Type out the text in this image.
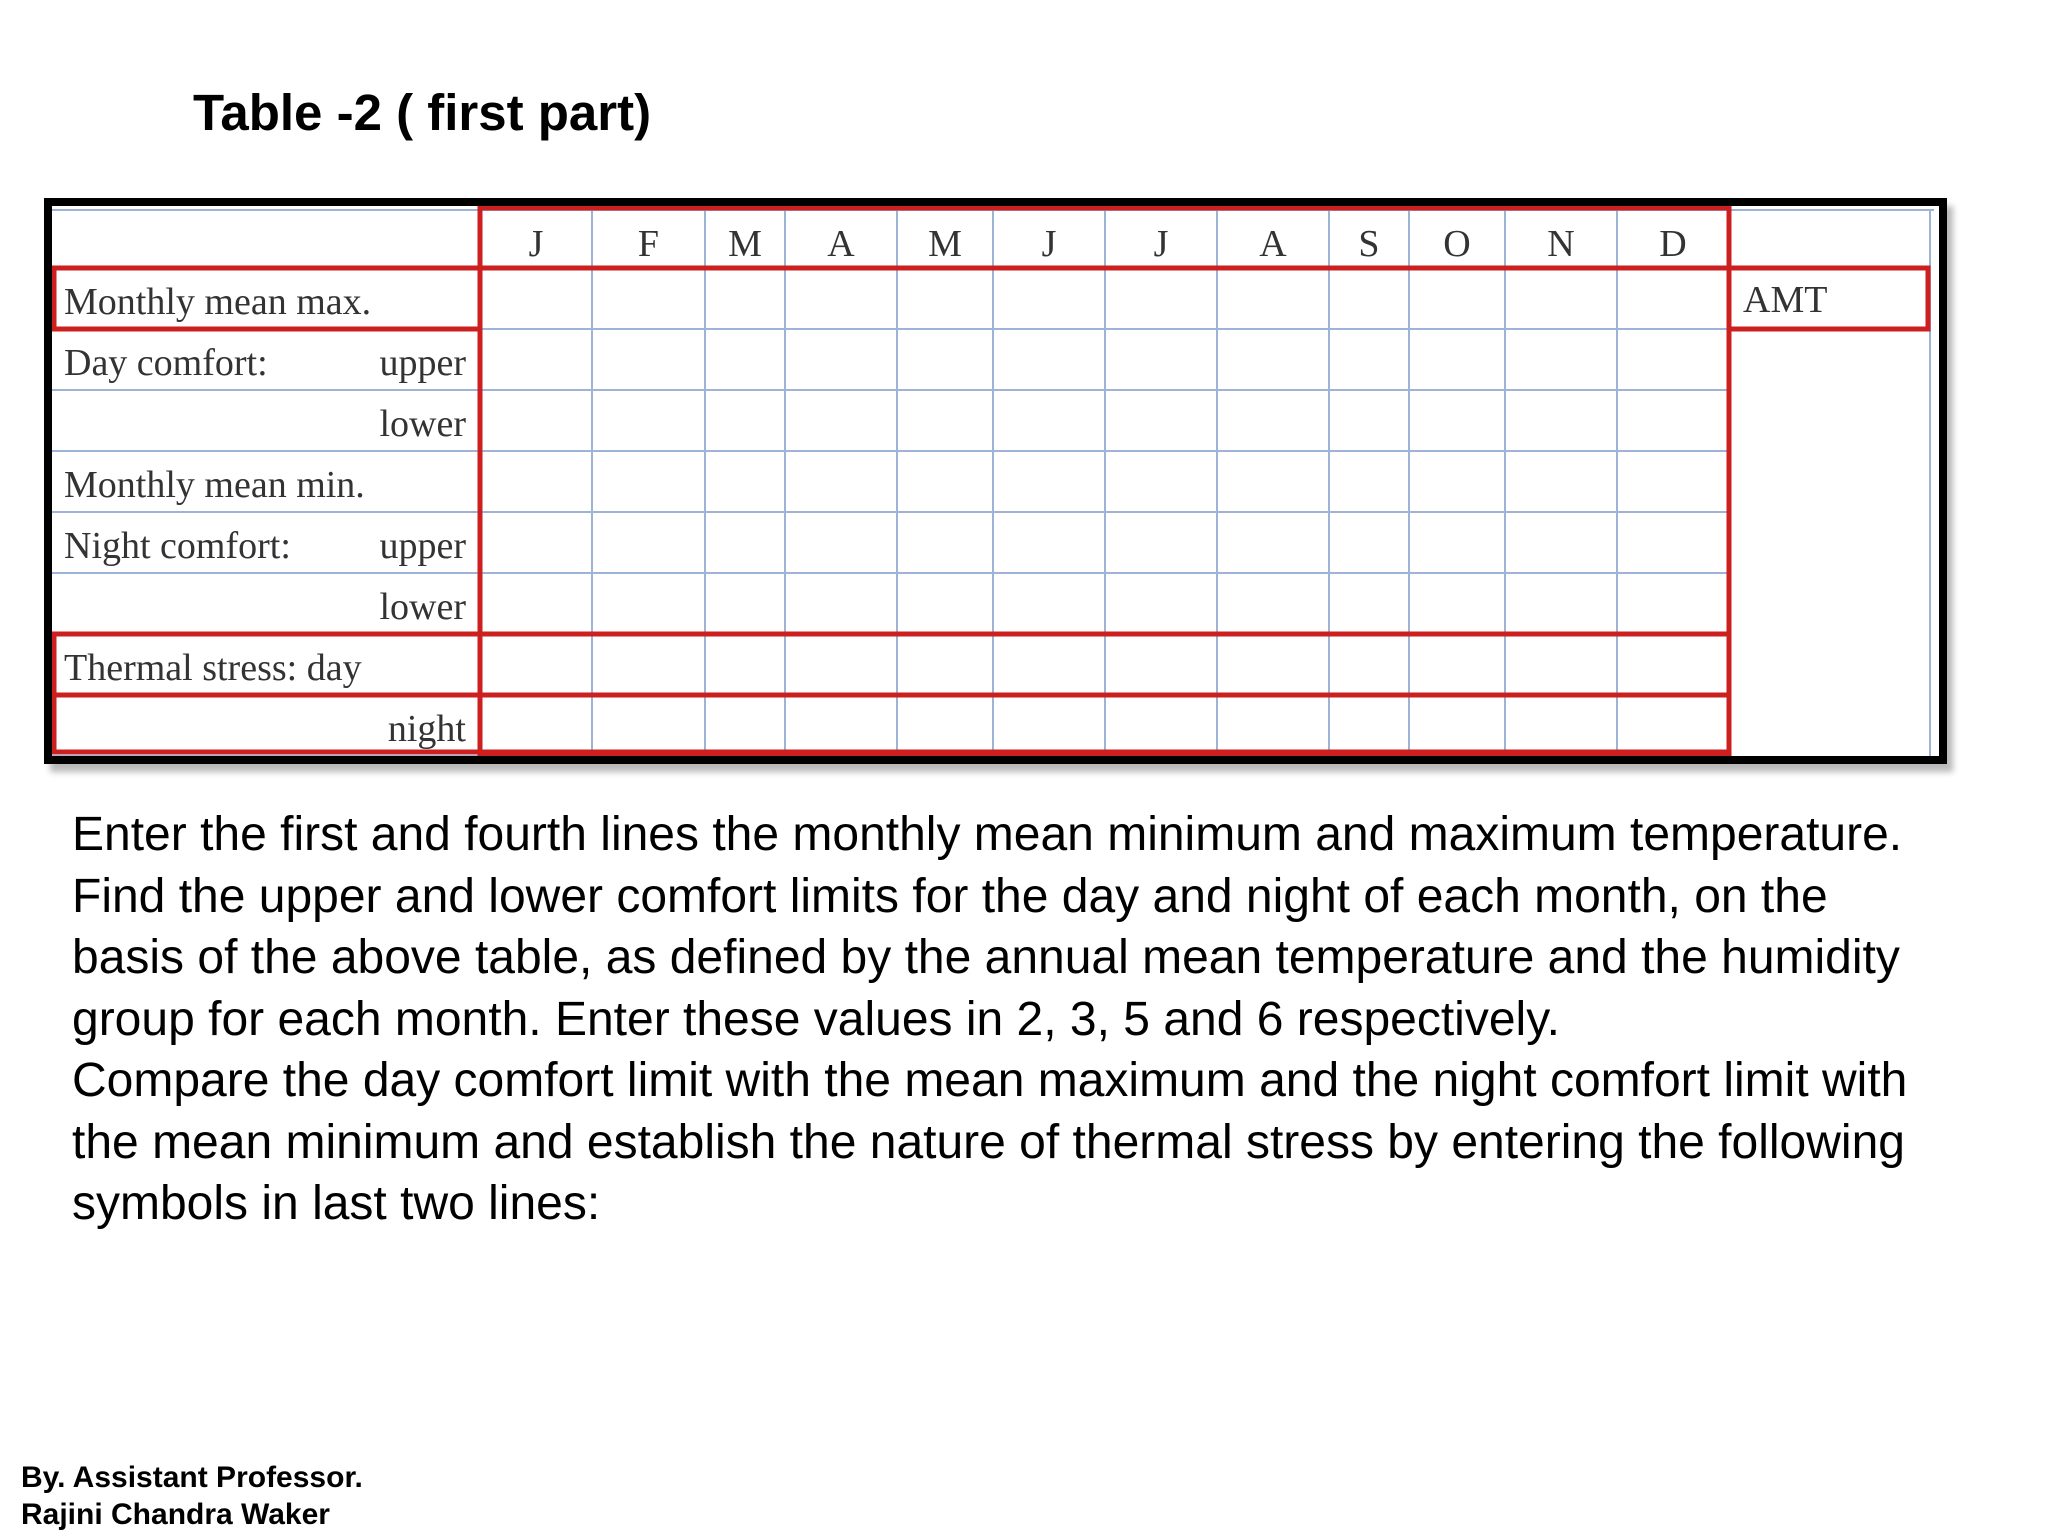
Table -2 ( first part)
J F M A M J	J A S O N D
Monthly mean max.
Day comfort:	upper
lower
Monthly mean min.
Night comfort: upper
lower
Thermal stress: day
night
AMT

Enter the first and fourth lines the monthly mean minimum and maximum temperature.

Find the upper and lower comfort limits for the day and night of each month, on the basis of the above table, as defined by the annual mean temperature and the humidity group for each month. Enter these values in 2, 3, 5 and 6 respectively.

Compare the day comfort limit with the mean maximum and the night comfort limit with the mean minimum and establish the nature of thermal stress by entering the following symbols in last two lines:

By. Assistant Professor.
Rajini Chandra Waker
